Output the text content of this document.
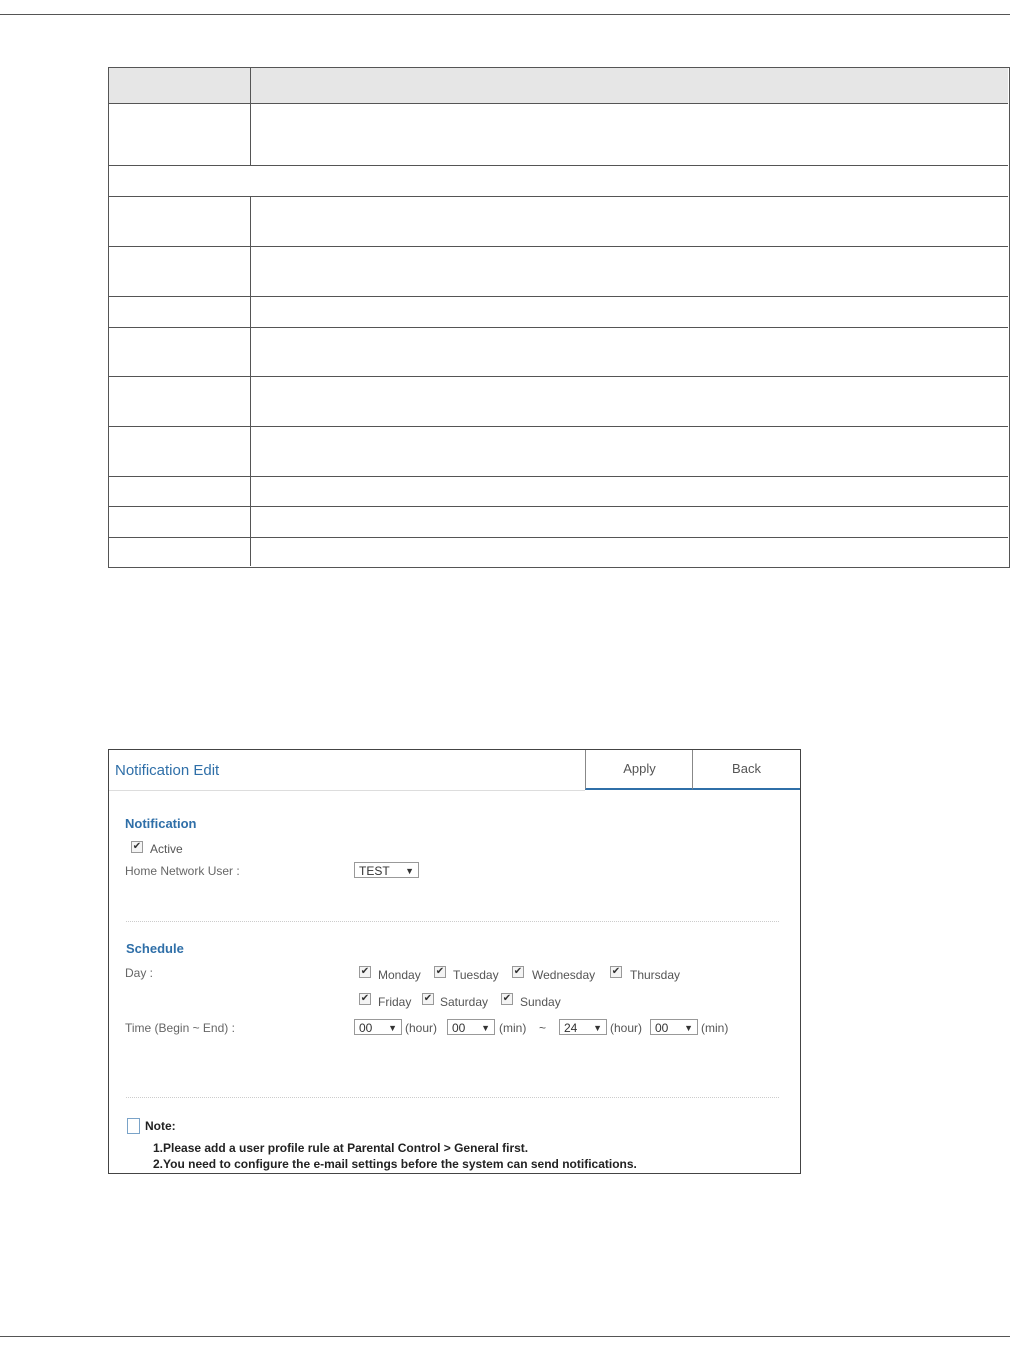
Notification Edit	Apply	Back
Notification
✔ Active
Home Network User :	TEST ▼
Schedule
Day :	✔ Monday ✔ Tuesday ✔ Wednesday ✔ Thursday
✔ Friday ✔ Saturday ✔ Sunday
Time (Begin ~ End) :	00 ▼ (hour)	00 ▼ (min) ~	24 ▼ (hour)	00 ▼ (min)
Note:
1.Please add a user profile rule at Parental Control > General first.
2.You need to configure the e-mail settings before the system can send notifications.
